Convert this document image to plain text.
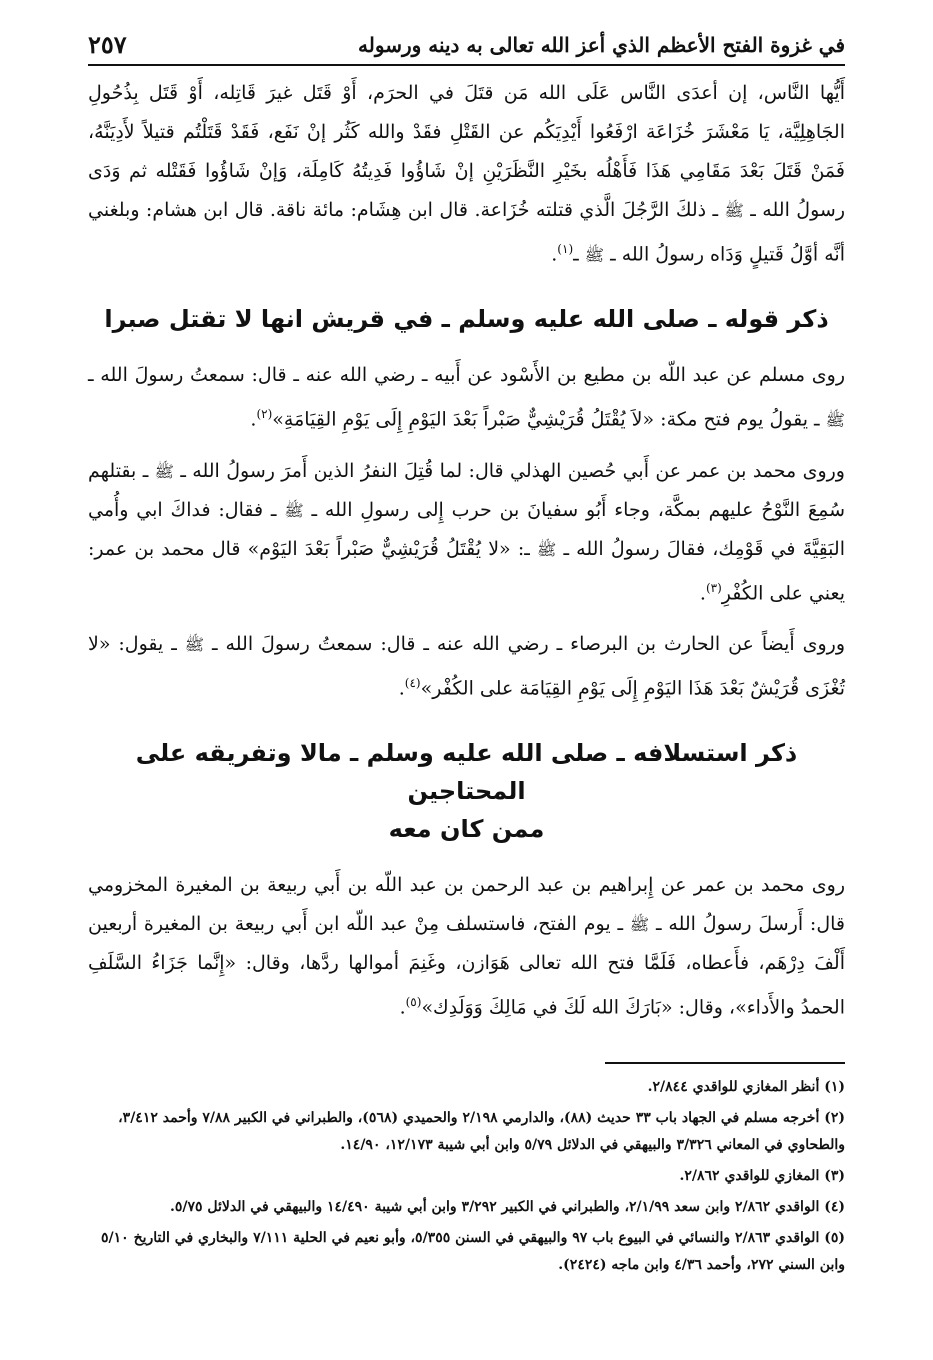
في غزوة الفتح الأعظم الذي أعز الله تعالى به دينه ورسوله
٢٥٧

أَيُّها النَّاس، إن أعدَى النَّاس عَلَى الله مَن قتَلَ في الحرَم، أَوْ قَتَل غيرَ قَاتِله، أَوْ قَتَل بِذُحُولِ الجَاهِلِيَّة، يَا مَعْشَرَ خُزَاعَة ارْفَعُوا أَيْدِيَكُم عن القَتْلِ فقَدْ والله كَثُر إنْ نَفَع، فَقَدْ قَتَلْتُم قتيلاً لأَدِيَنَّهُ، فَمَنْ قَتَلَ بَعْدَ مَقَامِي هَذَا فَأَهْلُه بخَيْرِ النَّظَرَيْنِ إنْ شَاؤُوا فَدِيتُهُ كَامِلَة، وَإنْ شَاؤُوا فَقَتْله ثم وَدَى رسولُ الله ـ ﷺ ـ ذلكَ الرَّجُلَ الَّذي قتلته خُزَاعة. قال ابن هِشَام: مائة ناقة. قال ابن هشام: وبلغني أنَّه أوَّلُ قَتيلٍ وَدَاه رسولُ الله ـ ﷺ ـ$^{(١)}$.

ذكر قوله ـ صلى الله عليه وسلم ـ في قريش انها لا تقتل صبرا

روى مسلم عن عبد اللّه بن مطيع بن الأَسْود عن أَبيه ـ رضي الله عنه ـ قال: سمعتُ رسولَ الله ـ ﷺ ـ يقولُ يوم فتح مكة: «لاَ يُقْتَلُ قُرَيْشِيٌّ صَبْراً بَعْدَ اليَوْمِ إِلَى يَوْمِ القِيَامَةِ»$^{(٢)}$.

وروى محمد بن عمر عن أَبي حُصين الهذلي قال: لما قُتِلَ النفرُ الذين أَمرَ رسولُ الله ـ ﷺ ـ بقتلهم سُمِعَ النَّوْحُ عليهم بمكَّة، وجاء أَبُو سفيانَ بن حرب إِلى رسولِ الله ـ ﷺ ـ فقال: فداكَ ابي وأُمي البَقِيَّةَ في قَوْمِك، فقالَ رسولُ الله ـ ﷺ ـ: «لا يُقْتَلُ قُرَيْشِيٌّ صَبْراً بَعْدَ اليَوْم» قال محمد بن عمر: يعني على الكُفْرِ$^{(٣)}$.

وروى أَيضاً عن الحارث بن البرصاء ـ رضي الله عنه ـ قال: سمعتُ رسولَ الله ـ ﷺ ـ يقول: «لا تُغْزَى قُرَيْشٌ بَعْدَ هَذَا اليَوْمِ إِلَى يَوْمِ القِيَامَة على الكُفْر»$^{(٤)}$.

ذكر استسلافه ـ صلى الله عليه وسلم ـ مالا وتفريقه على المحتاجين
ممن كان معه

روى محمد بن عمر عن إِبراهيم بن عبد الرحمن بن عبد اللّه بن أَبي ربيعة بن المغيرة المخزومي قال: أَرسلَ رسولُ الله ـ ﷺ ـ يوم الفتح، فاستسلف مِنْ عبد اللّه ابن أَبي ربيعة بن المغيرة أربعين أَلْفَ دِرْهَم، فأَعطاه، فَلَمَّا فتح الله تعالى هَوَازن، وغَنِمَ أموالها ردَّها، وقال: «إِنَّما جَزَاءُ السَّلَفِ الحمدُ والأَداء»، وقال: «بَارَكَ الله لَكَ في مَالِكَ وَوَلَدِك»$^{(٥)}$.

(١) أنظر المغازي للواقدي ٢/٨٤٤.

(٢) أخرجه مسلم في الجهاد باب ٣٣ حديث (٨٨)، والدارمي ٢/١٩٨ والحميدي (٥٦٨)، والطبراني في الكبير ٧/٨٨ وأحمد ٣/٤١٢، والطحاوي في المعاني ٣/٣٢٦ والبيهقي في الدلائل ٥/٧٩ وابن أبي شيبة ١٢/١٧٣، ١٤/٩٠.

(٣) المغازي للواقدي ٢/٨٦٢.

(٤) الواقدي ٢/٨٦٢ وابن سعد ٢/١/٩٩، والطبراني في الكبير ٣/٢٩٢ وابن أبي شيبة ١٤/٤٩٠ والبيهقي في الدلائل ٥/٧٥.

(٥) الواقدي ٢/٨٦٣ والنسائي في البيوع باب ٩٧ والبيهقي في السنن ٥/٣٥٥، وأبو نعيم في الحلية ٧/١١١ والبخاري في التاريخ ٥/١٠ وابن السني ٢٧٢، وأحمد ٤/٣٦ وابن ماجه (٢٤٢٤).
